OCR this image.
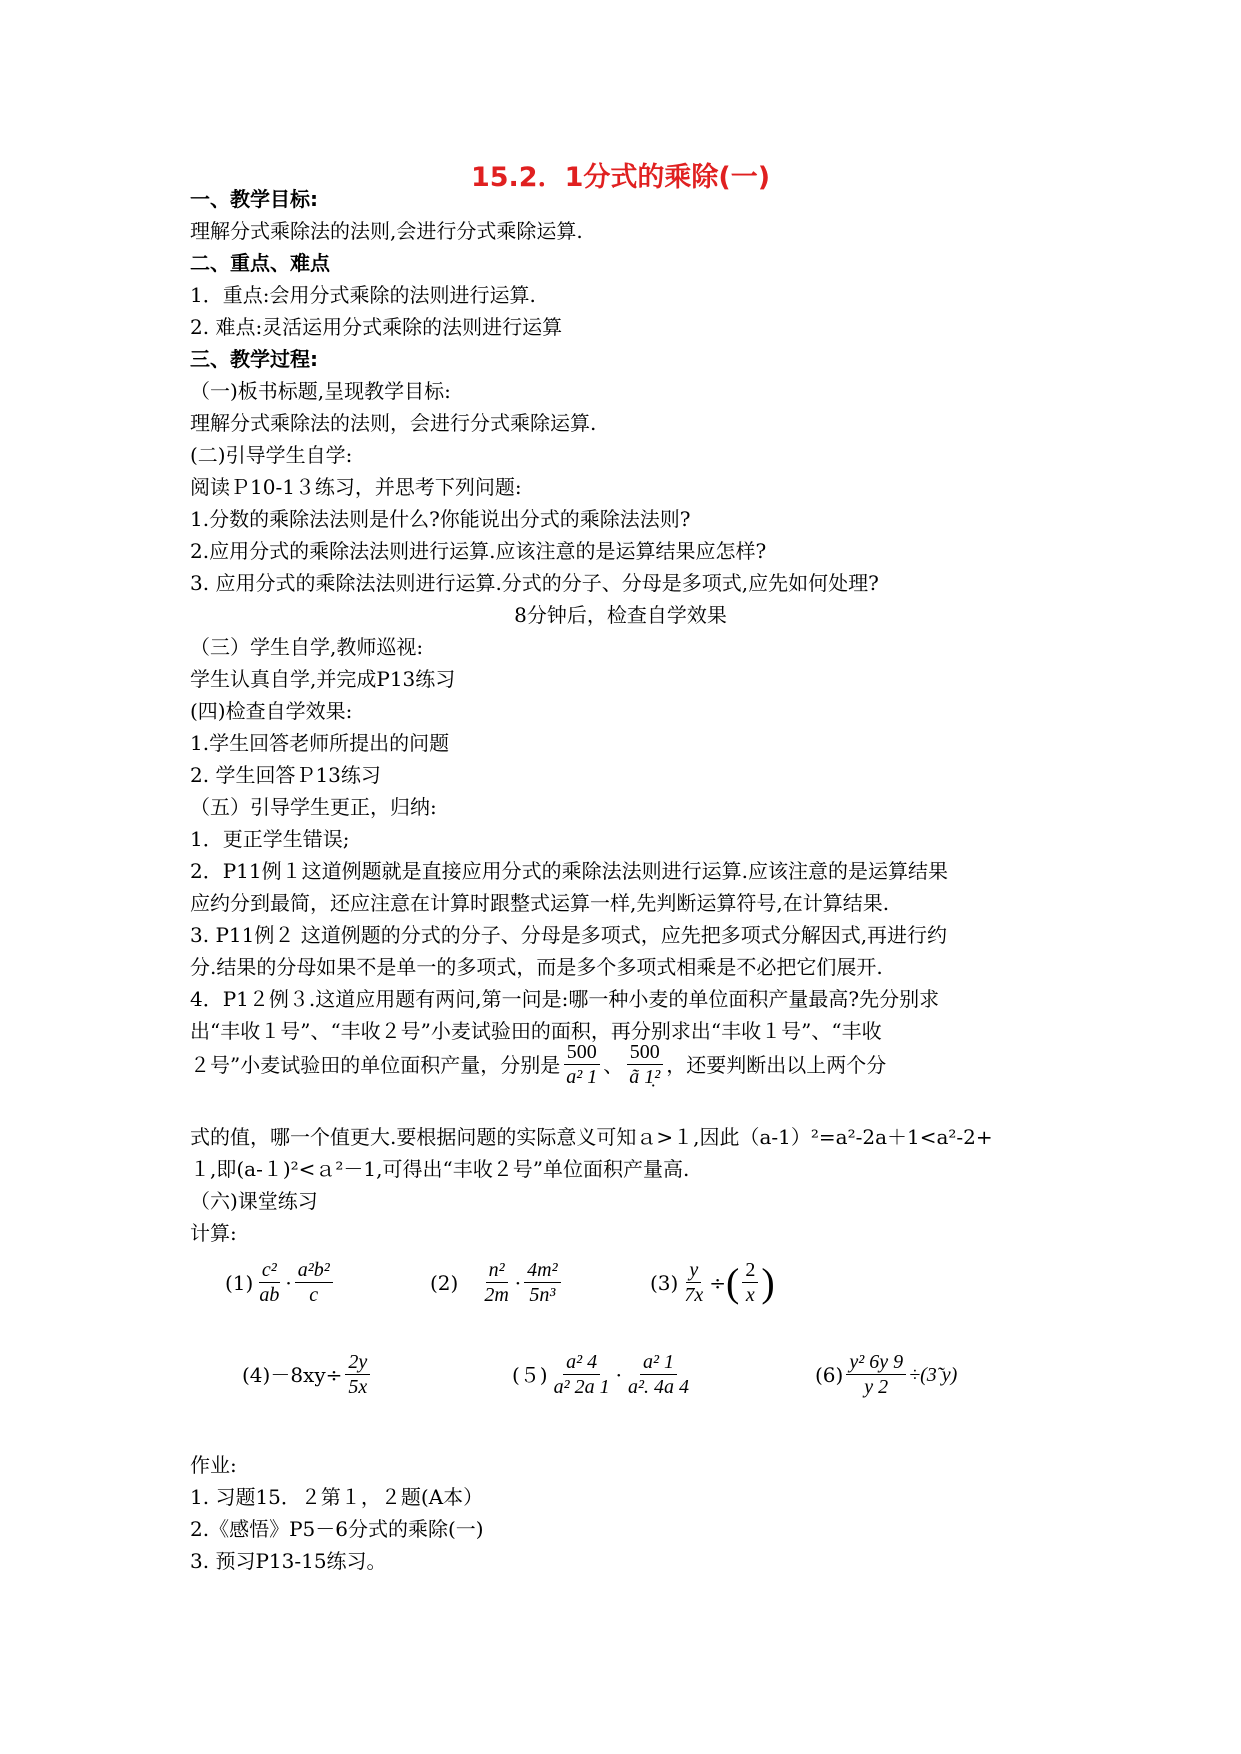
15.2．1分式的乘除(一)
一、教学目标:
理解分式乘除法的法则,会进行分式乘除运算.
二、重点、难点
1．重点:会用分式乘除的法则进行运算.
2. 难点:灵活运用分式乘除的法则进行运算
三、教学过程:
（一)板书标题,呈现教学目标:
理解分式乘除法的法则，会进行分式乘除运算.
(二)引导学生自学:
阅读Ｐ10-1３练习，并思考下列问题:
1.分数的乘除法法则是什么?你能说出分式的乘除法法则?
2.应用分式的乘除法法则进行运算.应该注意的是运算结果应怎样?
3. 应用分式的乘除法法则进行运算.分式的分子、分母是多项式,应先如何处理?
8分钟后，检查自学效果
（三）学生自学,教师巡视:
学生认真自学,并完成P13练习
(四)检查自学效果:
1.学生回答老师所提出的问题
2. 学生回答Ｐ13练习
（五）引导学生更正，归纳:
1．更正学生错误;
2．P11例１这道例题就是直接应用分式的乘除法法则进行运算.应该注意的是运算结果
应约分到最简，还应注意在计算时跟整式运算一样,先判断运算符号,在计算结果.
3. P11例２ 这道例题的分式的分子、分母是多项式，应先把多项式分解因式,再进行约
分.结果的分母如果不是单一的多项式，而是多个多项式相乘是不必把它们展开.
4．P1２例３.这道应用题有两问,第一问是:哪一种小麦的单位面积产量最高?先分别求
出“丰收１号”、“丰收２号”小麦试验田的面积，再分别求出“丰收１号”、“丰收
２号”小麦试验田的单位面积产量，分别是 $\frac{500}{\text{a² 1}}$ 、 $\frac{500}{\text{ã 1̣²}}$ ，还要判断出以上两个分
式的值，哪一个值更大.要根据问题的实际意义可知ａ>１,因此（a-1）²=a²-2a＋1<a²-2+
１,即(a-１)²<ａ²－1,可得出“丰收２号”单位面积产量高.
（六)课堂练习
计算:
$(1) \frac{\text{c²}}{ab} \cdot \frac{\text{a²b²}}{c}$	$(2) \frac{\text{n²}}{2m} \cdot \frac{\text{4m²}}{\text{5n³}}$	$(3) \frac{y}{7x}$ ÷ ( $\frac{2}{x}$ )
$(4)-8xy \div \frac{2y}{5x}$	$(5) \frac{\text{a² 4}}{\text{a² 2a 1}} \cdot \frac{\text{a² 1}}{\text{a². 4a 4}}$	$(6) \frac{\text{y² 6y 9}}{y 2}$ ÷(3̃ y)
作业:
1. 习题15．２第１，２题(A本）
2.《感悟》P5－6分式的乘除(一)
3. 预习P13-15练习。
